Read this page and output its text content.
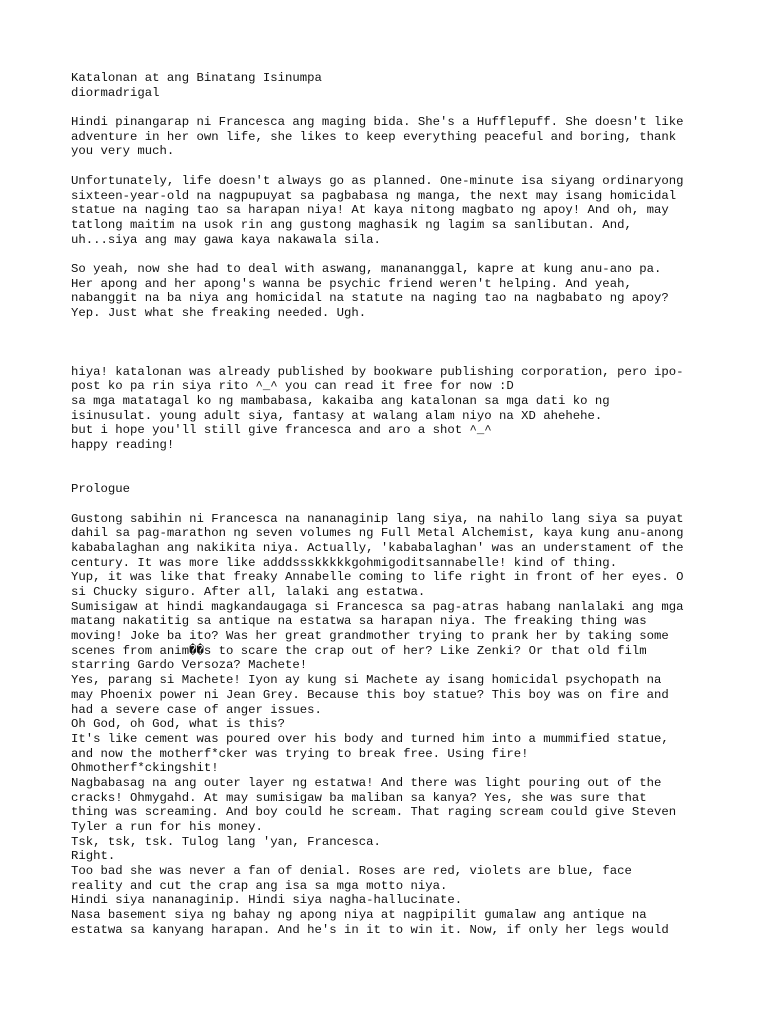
Katalonan at ang Binatang Isinumpa
diormadrigal
Hindi pinangarap ni Francesca ang maging bida. She's a Hufflepuff. She doesn't like
adventure in her own life, she likes to keep everything peaceful and boring, thank
you very much.
Unfortunately, life doesn't always go as planned. One-minute isa siyang ordinaryong
sixteen-year-old na nagpupuyat sa pagbabasa ng manga, the next may isang homicidal
statue na naging tao sa harapan niya! At kaya nitong magbato ng apoy! And oh, may
tatlong maitim na usok rin ang gustong maghasik ng lagim sa sanlibutan. And,
uh...siya ang may gawa kaya nakawala sila.
So yeah, now she had to deal with aswang, manananggal, kapre at kung anu-ano pa.
Her apong and her apong's wanna be psychic friend weren't helping. And yeah,
nabanggit na ba niya ang homicidal na statute na naging tao na nagbabato ng apoy?
Yep. Just what she freaking needed. Ugh.
hiya! katalonan was already published by bookware publishing corporation, pero ipo-
post ko pa rin siya rito ^_^ you can read it free for now :D
sa mga matatagal ko ng mambabasa, kakaiba ang katalonan sa mga dati ko ng
isinusulat. young adult siya, fantasy at walang alam niyo na XD ahehehe.
but i hope you'll still give francesca and aro a shot ^_^
happy reading!
Prologue
Gustong sabihin ni Francesca na nananaginip lang siya, na nahilo lang siya sa puyat
dahil sa pag-marathon ng seven volumes ng Full Metal Alchemist, kaya kung anu-anong
kababalaghan ang nakikita niya. Actually, 'kababalaghan' was an understament of the
century. It was more like adddssskkkkkgohmigoditsannabelle! kind of thing.
Yup, it was like that freaky Annabelle coming to life right in front of her eyes. O
si Chucky siguro. After all, lalaki ang estatwa.
Sumisigaw at hindi magkandaugaga si Francesca sa pag-atras habang nanlalaki ang mga
matang nakatitig sa antique na estatwa sa harapan niya. The freaking thing was
moving! Joke ba ito? Was her great grandmother trying to prank her by taking some
scenes from anim��s to scare the crap out of her? Like Zenki? Or that old film
starring Gardo Versoza? Machete!
Yes, parang si Machete! Iyon ay kung si Machete ay isang homicidal psychopath na
may Phoenix power ni Jean Grey. Because this boy statue? This boy was on fire and
had a severe case of anger issues.
Oh God, oh God, what is this?
It's like cement was poured over his body and turned him into a mummified statue,
and now the motherf*cker was trying to break free. Using fire!
Ohmotherf*ckingshit!
Nagbabasag na ang outer layer ng estatwa! And there was light pouring out of the
cracks! Ohmygahd. At may sumisigaw ba maliban sa kanya? Yes, she was sure that
thing was screaming. And boy could he scream. That raging scream could give Steven
Tyler a run for his money.
Tsk, tsk, tsk. Tulog lang 'yan, Francesca.
Right.
Too bad she was never a fan of denial. Roses are red, violets are blue, face
reality and cut the crap ang isa sa mga motto niya.
Hindi siya nananaginip. Hindi siya nagha-hallucinate.
Nasa basement siya ng bahay ng apong niya at nagpipilit gumalaw ang antique na
estatwa sa kanyang harapan. And he's in it to win it. Now, if only her legs would
